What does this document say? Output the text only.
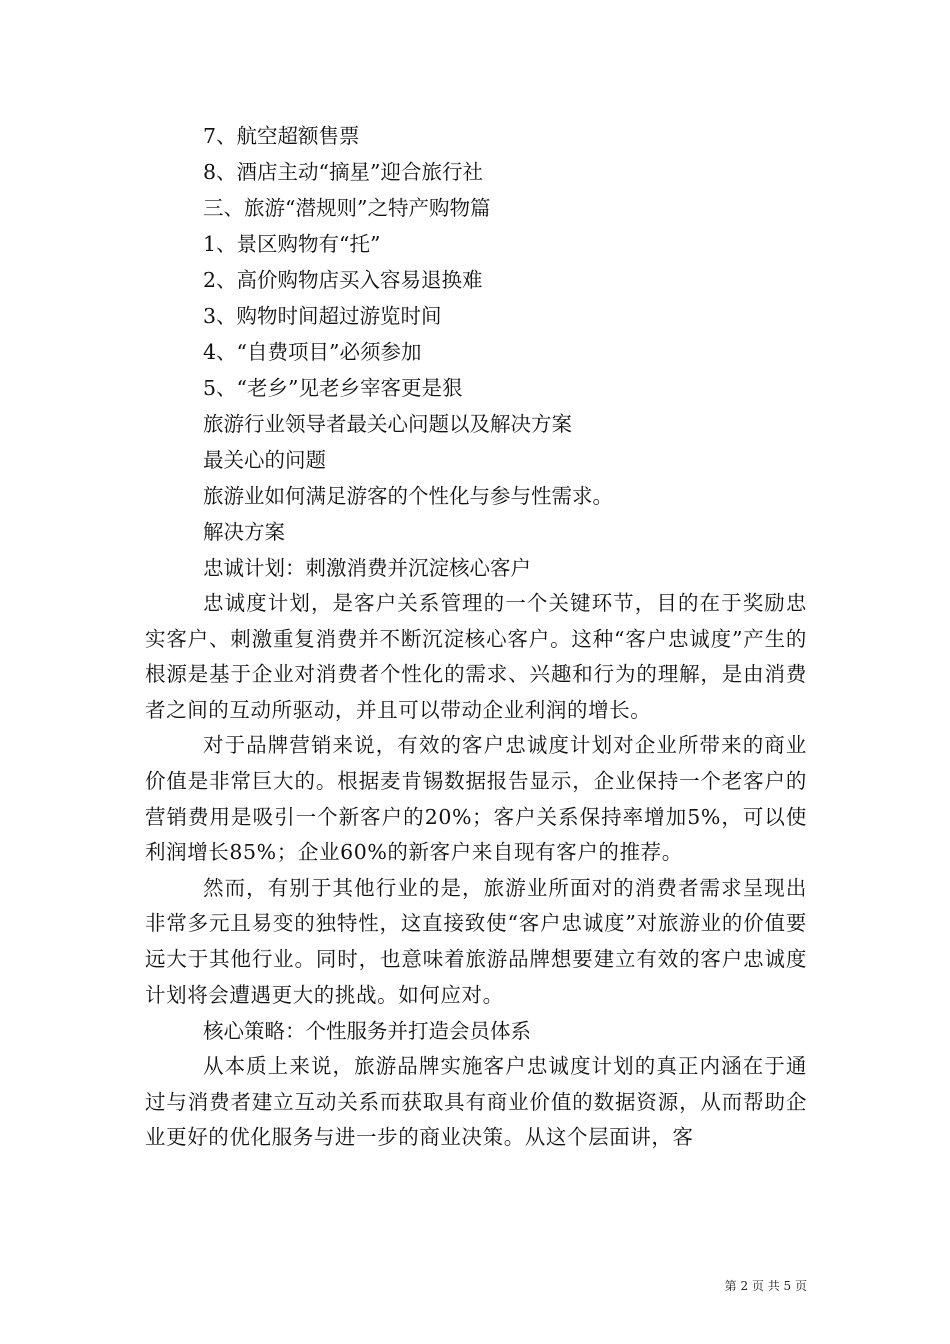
7、航空超额售票

8、酒店主动“摘星”迎合旅行社

三、旅游“潜规则”之特产购物篇

1、景区购物有“托”

2、高价购物店买入容易退换难

3、购物时间超过游览时间

4、“自费项目”必须参加

5、“老乡”见老乡宰客更是狠

旅游行业领导者最关心问题以及解决方案

最关心的问题

旅游业如何满足游客的个性化与参与性需求。

解决方案

忠诚计划：刺激消费并沉淀核心客户

忠诚度计划，是客户关系管理的一个关键环节，目的在于奖励忠实客户、刺激重复消费并不断沉淀核心客户。这种“客户忠诚度”产生的根源是基于企业对消费者个性化的需求、兴趣和行为的理解，是由消费者之间的互动所驱动，并且可以带动企业利润的增长。

对于品牌营销来说，有效的客户忠诚度计划对企业所带来的商业价值是非常巨大的。根据麦肯锡数据报告显示，企业保持一个老客户的营销费用是吸引一个新客户的20%；客户关系保持率增加5%，可以使利润增长85%；企业60%的新客户来自现有客户的推荐。

然而，有别于其他行业的是，旅游业所面对的消费者需求呈现出非常多元且易变的独特性，这直接致使“客户忠诚度”对旅游业的价值要远大于其他行业。同时，也意味着旅游品牌想要建立有效的客户忠诚度计划将会遭遇更大的挑战。如何应对。

核心策略：个性服务并打造会员体系

从本质上来说，旅游品牌实施客户忠诚度计划的真正内涵在于通过与消费者建立互动关系而获取具有商业价值的数据资源，从而帮助企业更好的优化服务与进一步的商业决策。从这个层面讲，客

第 2 页 共 5 页
